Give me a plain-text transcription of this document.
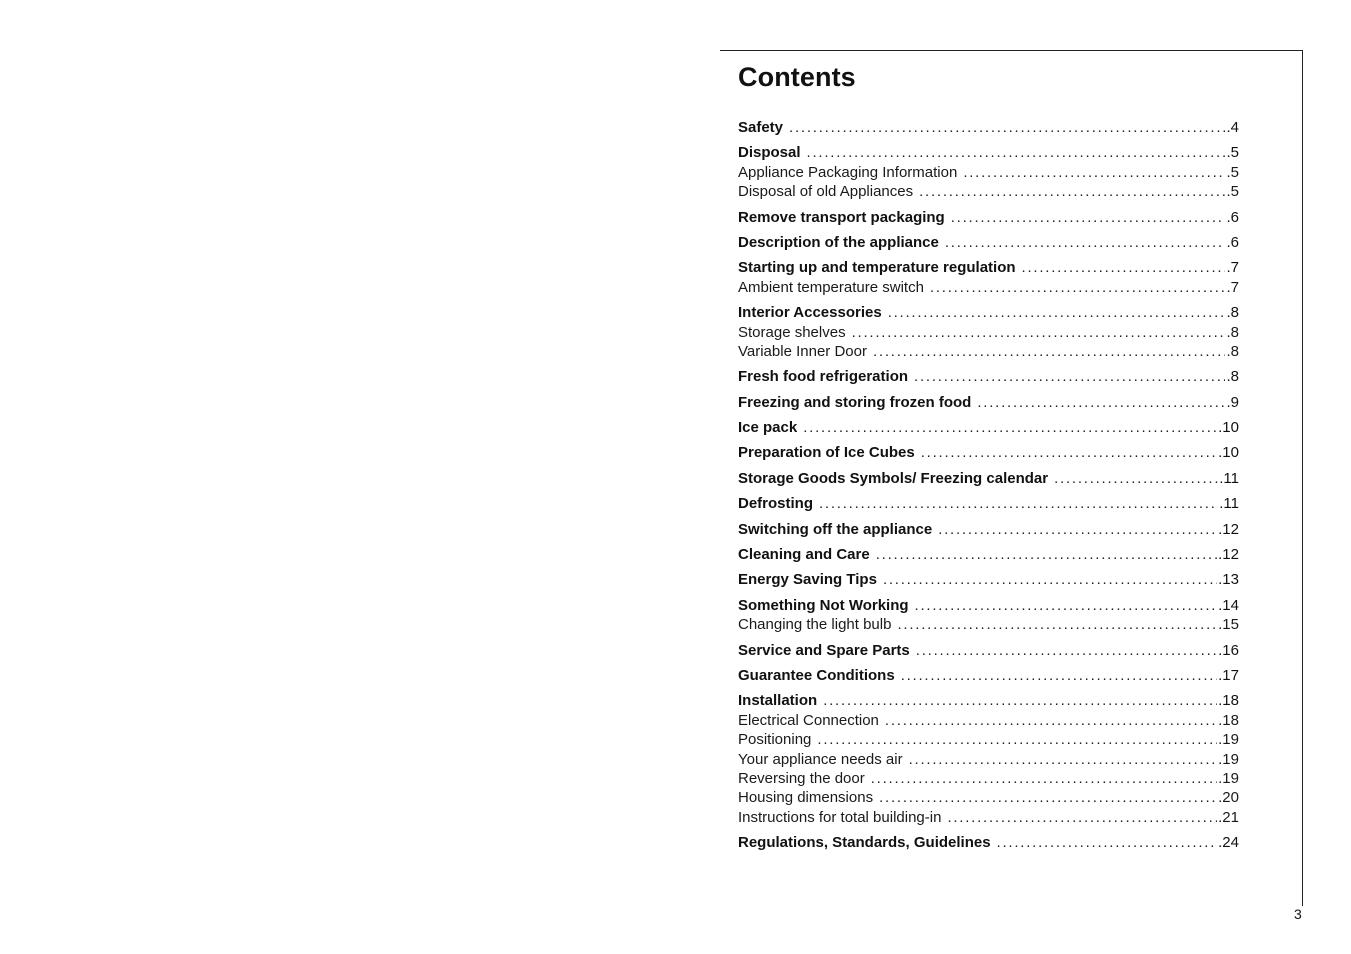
Contents
Safety . . .	.4
Disposal . . .	.5
Appliance Packaging Information . . .	.5
Disposal of old Appliances . . .	.5
Remove transport packaging . . .	.6
Description of the appliance . . .	.6
Starting up and temperature regulation . . .	.7
Ambient temperature switch . . .	.7
Interior Accessories . . .	.8
Storage shelves . . .	.8
Variable Inner Door . . .	.8
Fresh food refrigeration . . .	.8
Freezing and storing frozen food . . .	.9
Ice pack . . .	.10
Preparation of Ice Cubes . . .	.10
Storage Goods Symbols/ Freezing calendar . . .	.11
Defrosting . . .	.11
Switching off the appliance . . .	.12
Cleaning and Care . . .	.12
Energy Saving Tips . . .	.13
Something Not Working . . .	.14
Changing the light bulb . . .	.15
Service and Spare Parts . . .	.16
Guarantee Conditions . . .	.17
Installation . . .	.18
Electrical Connection . . .	.18
Positioning . . .	.19
Your appliance needs air . . .	.19
Reversing the door . . .	.19
Housing dimensions . . .	.20
Instructions for total building-in . . .	.21
Regulations, Standards, Guidelines . . .	.24
3
